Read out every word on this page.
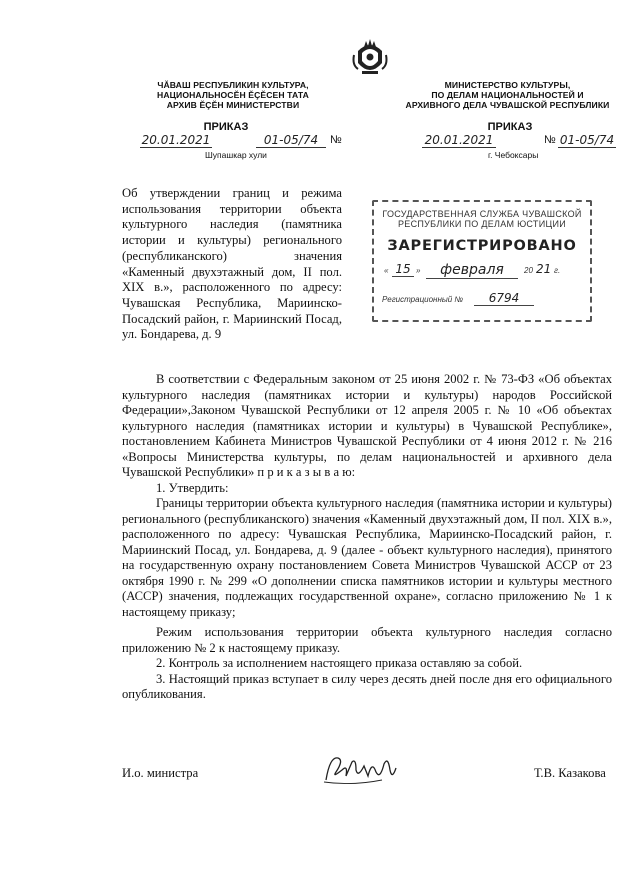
ЧĂВАШ РЕСПУБЛИКИН КУЛЬТУРА,
НАЦИОНАЛЬНОСĔН ĔÇĔСЕН ТАТА
АРХИВ ĔÇĔН МИНИСТЕРСТВИ
МИНИСТЕРСТВО КУЛЬТУРЫ,
ПО ДЕЛАМ НАЦИОНАЛЬНОСТЕЙ И
АРХИВНОГО ДЕЛА ЧУВАШСКОЙ РЕСПУБЛИКИ
ПРИКАЗ	ПРИКАЗ
20.01.2021	01-05/74	№
Шупашкар хули
20.01.2021	№ 01-05/74
г. Чебоксары
Об утверждении границ и режима использования территории объекта культурного наследия (памятника истории и культуры) регионального (республиканского) значения «Каменный двухэтажный дом, II пол. XIX в.», расположенного по адресу: Чувашская Республика, Мариинско-Посадский район, г. Мариинский Посад, ул. Бондарева, д. 9
ГОСУДАРСТВЕННАЯ СЛУЖБА ЧУВАШСКОЙ
РЕСПУБЛИКИ ПО ДЕЛАМ ЮСТИЦИИ
ЗАРЕГИСТРИРОВАНО
« 15 »	февраля	20 21 г.
Регистрационный №	6794

В соответствии с Федеральным законом от 25 июня 2002 г. № 73-ФЗ «Об объектах культурного наследия (памятниках истории и культуры) народов Российской Федерации»,Законом Чувашской Республики от 12 апреля 2005 г. № 10 «Об объектах культурного наследия (памятниках истории и культуры) в Чувашской Республике», постановлением Кабинета Министров Чувашской Республики от 4 июня 2012 г. № 216 «Вопросы Министерства культуры, по делам национальностей и архивного дела Чувашской Республики» п р и к а з ы в а ю:

1. Утвердить:

Границы территории объекта культурного наследия (памятника истории и культуры) регионального (республиканского) значения «Каменный двухэтажный дом, II пол. XIX в.», расположенного по адресу: Чувашская Республика, Мариинско-Посадский район, г. Мариинский Посад, ул. Бондарева, д. 9 (далее - объект культурного наследия), принятого на государственную охрану постановлением Совета Министров Чувашской АССР от 23 октября 1990 г. № 299 «О дополнении списка памятников истории и культуры местного (АССР) значения, подлежащих государственной охране», согласно приложению № 1 к настоящему приказу;

Режим использования территории объекта культурного наследия согласно приложению № 2 к настоящему приказу.

2. Контроль за исполнением настоящего приказа оставляю за собой.

3. Настоящий приказ вступает в силу через десять дней после дня его официального опубликования.

И.о. министра	Т.В. Казакова
